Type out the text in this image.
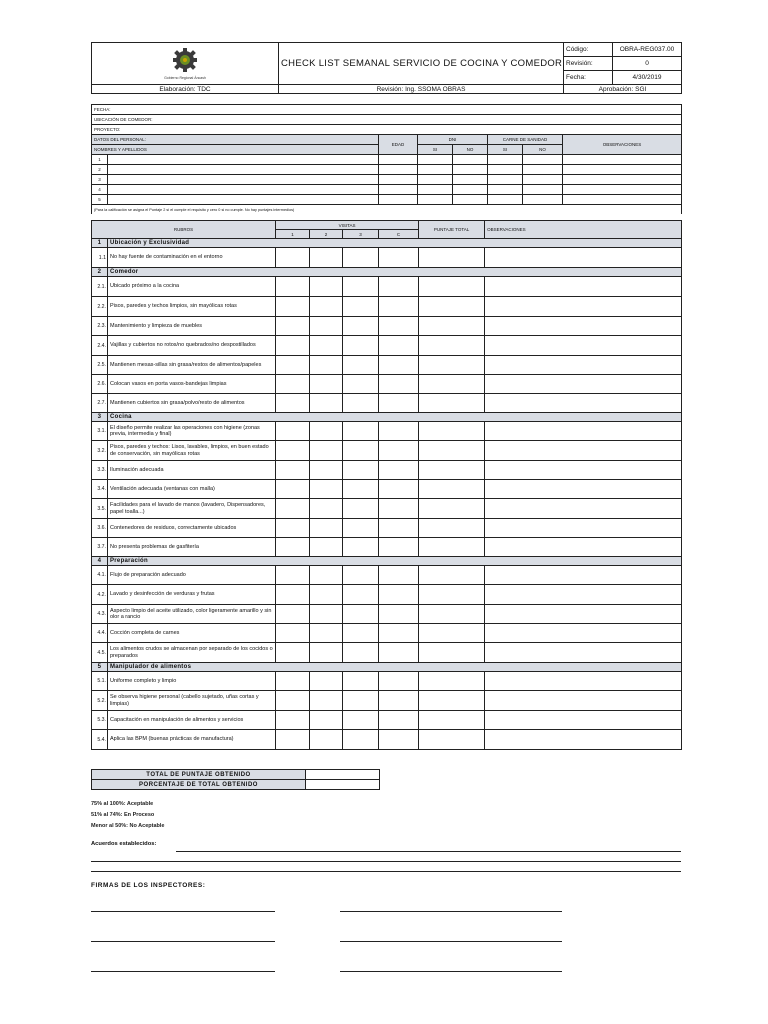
Gobierno Regional Áncash	CHECK LIST SEMANAL SERVICIO DE COCINA Y COMEDOR	Código:	OBRA-REG037.00
		Revisión:	0
		Fecha:	4/30/2019
Elaboración: TDC	Revisión: Ing. SSOMA OBRAS	Aprobación: SGI	
FECHA:							
UBICACIÓN DE COMEDOR:							
PROYECTO:							
DATOS DEL PERSONAL:		EDAD	DNI		CARNE DE SANIDAD		OBSERVACIONES
NOMBRES Y APELLIDOS			SI	NO	SI	NO	
1							
2							
3							
4							
5							
(Para la calificación se asigna el Puntaje 2 si el cumple el requisito y cero 0 si no cumple. No hay puntajes intermedios)							
RUBROS		VISITAS				PUNTAJE TOTAL	OBSERVACIONES
		1	2	3	C		
1	Ubicación y Exclusividad						
1.1	No hay fuente de contaminación en el entorno						
2	Comedor						
2.1.	Ubicado próximo a la cocina						
2.2.	Pisos, paredes y techos limpios, sin mayólicas rotas						
2.3.	Mantenimiento y limpieza de muebles						
2.4.	Vajillas y cubiertos no rotos/no quebrados/no despostillados						
2.5.	Mantienen mesas-sillas sin grasa/restos de alimentos/papeles						
2.6.	Colocan vasos en porta vasos-bandejas limpias						
2.7.	Mantienen cubiertos sin grasa/polvo/resto de alimentos						
3	Cocina						
3.1.	El diseño permite realizar las operaciones con higiene (zonas previa, intermedia y final)						
3.2.	Pisos, paredes y techos: Lisos, lavables, limpios, en buen estado de conservación, sin mayólicas rotas						
3.3.	Iluminación adecuada						
3.4.	Ventilación adecuada (ventanas con malla)						
3.5.	Facilidades para el lavado de manos (lavadero, Dispensadores, papel toalla...)						
3.6.	Contenedores de residuos, correctamente ubicados						
3.7.	No presenta problemas de gasfitería						
4	Preparación						
4.1.	Flujo de preparación adecuado						
4.2.	Lavado y desinfección de verduras y frutas						
4.3.	Aspecto limpio del aceite utilizado, color ligeramente amarillo y sin olor a rancio						
4.4.	Cocción completa de carnes						
4.5.	Los alimentos crudos se almacenan por separado de los cocidos o preparados						
5	Manipulador de alimentos						
5.1.	Uniforme completo y limpio						
5.2.	Se observa higiene personal (cabello sujetado, uñas cortas y limpias)						
5.3.	Capacitación en manipulación de alimentos y servicios						
5.4.	Aplica las BPM (buenas prácticas de manufactura)						
TOTAL DE PUNTAJE OBTENIDO	
PORCENTAJE DE TOTAL OBTENIDO	
75% al 100%: Aceptable
51% al 74%: En Proceso
Menor al 50%: No Aceptable
Acuerdos establecidos:
FIRMAS DE LOS INSPECTORES:
